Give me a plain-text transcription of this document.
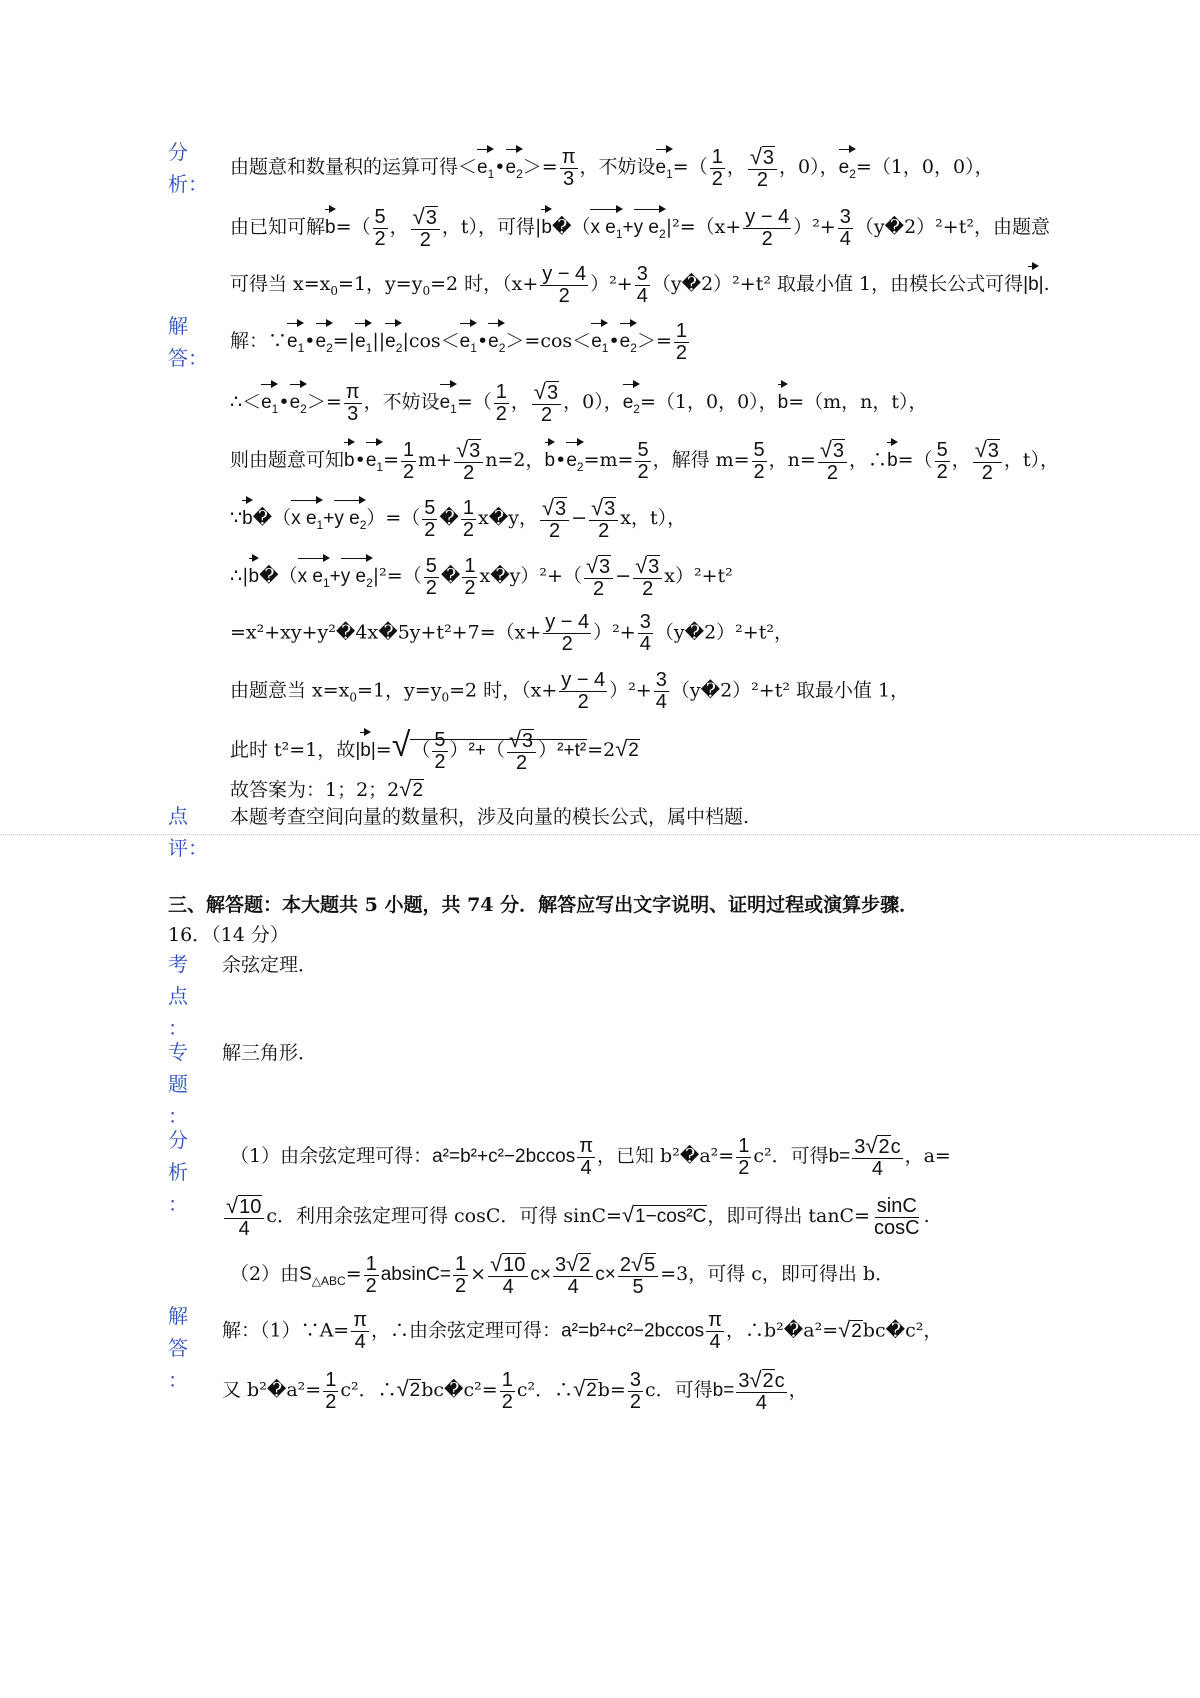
分
析：
由题意和数量积的运算可得$<e_1•e_2>= \frac{\pi}{3}$ ，不妨设$e_1=( \frac{1}{2}$ ， $\frac{√3}{2}$ ，0），$e_2=(1$，0，0），
由已知可解$b=( \frac{5}{2}$ ， $\frac{√3}{2}$ ，t），可得|b�（x $e_1+y$ $e_2|^2=(x+ \frac{y - 4}{2} )^2+ \frac{3}{4}$ （y�2）²+t²，由题意
可得当 $x=x_0=1$，$y=y_0=2$ 时，$(x+ \frac{y - 4}{2} )^2+ \frac{3}{4}$ （y�2）²+t² 取最小值 1，由模长公式可得|b|.
解
答：
解：$\because e_1•e_2=|e_1||e_2|\cos<e_1•e_2>=\cos<e_1•e_2>= \frac{1}{2}$
$\therefore<e_1•e_2>= \frac{\pi}{3}$ ，不妨设$e_1=( \frac{1}{2}$ ， $\frac{√3}{2}$ ，0），$e_2=(1$，0，0），b=（m，n，t），
则由题意可知$b•e_1= \frac{1}{2} m+ \frac{√3}{2} n=2$，$b•e_2=m= \frac{5}{2}$ ，解得 $m= \frac{5}{2}$ ，$n= \frac{√3}{2}$ ，∴b=（ $\frac{5}{2}$ ， $\frac{√3}{2}$ ，t），
∵b�（x $e_1+y$ $e_2)=( \frac{5}{2}$ � $\frac{1}{2}$ x�y， $\frac{√3}{2} - \frac{√3}{2}$ x，t），
∴|b�（x $e_1+y$ $e_2|^2=( \frac{5}{2}$ � $\frac{1}{2}$ x�y）²+（ $\frac{√3}{2} - \frac{√3}{2} x)^2+t^2$
=x²+xy+y²�4x�5y+t²+7=（x+ $\frac{y - 4}{2} )^2+ \frac{3}{4}$ （y�2）²+t²，
由题意当 $x=x_0=1$，$y=y_0=2$ 时，$(x+ \frac{y - 4}{2} )^2+ \frac{3}{4}$ （y�2）²+t² 取最小值 1，
此时 t²=1，故$|b|=√( \frac{5}{2} )^2+( \frac{√3}{2} )^2+t^2=2√2$
故答案为：1；2；2√2
点
评：
本题考查空间向量的数量积，涉及向量的模长公式，属中档题.
三、解答题：本大题共 5 小题，共 74 分．解答应写出文字说明、证明过程或演算步骤．
16．（14 分）
考
点
：
余弦定理．
专
题
：
解三角形．
分
析
：
（1）由余弦定理可得：$a^2=b^2+c^2-2bccos \frac{\pi}{4}$ ，已知 b²�a²= $\frac{1}{2} c^2$．可得$b= \frac{3√2c}{4}$ ，a=
$\frac{√10}{4}$ c．利用余弦定理可得 cosC．可得 sinC=√1−cos²C，即可得出 $\tan C= \frac{\sin C}{\cos C}$ .
（2）由$S_{\triangle ABC}= \frac{1}{2} absinC= \frac{1}{2} \times \frac{√10}{4} c\times \frac{3√2}{4} c\times \frac{2√5}{5} =3$，可得 c，即可得出 b．
解
答
：
解：（1）∵A= $\frac{\pi}{4}$ ，∴由余弦定理可得：$a^2=b^2+c^2-2bccos \frac{\pi}{4}$ ，∴b²�a²=√2bc�c²，
又 b²�a²= $\frac{1}{2} c^2$．∴√2bc�c²= $\frac{1}{2} c^2$．∴√2b= $\frac{3}{2}$ c．可得$b= \frac{3√2c}{4}$ ，
